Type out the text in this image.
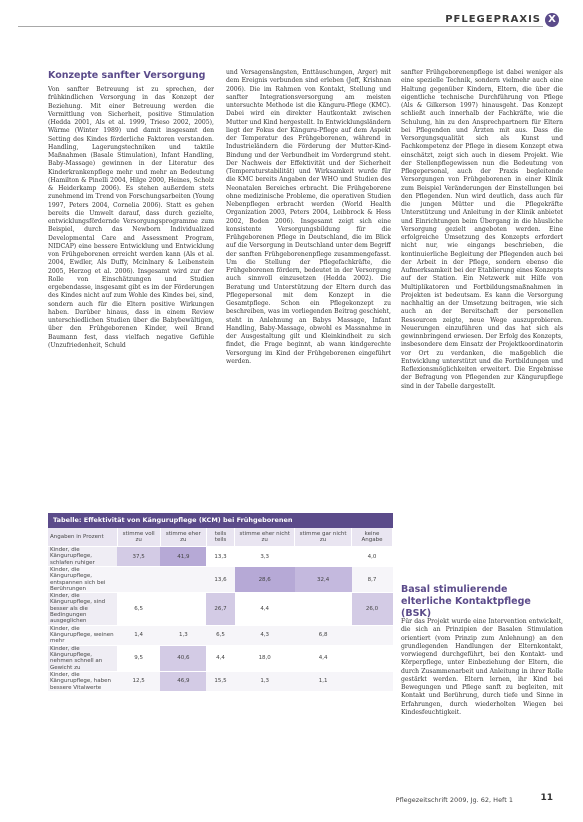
PFLEGEPRAXIS X
Konzepte sanfter Versorgung

Von sanfter Betreuung ist zu sprechen, der frühkindlichen Versorgung in das Konzept der Beziehung. Mit einer Betreuung werden die Vermittlung von Sicherheit, positive Stimulation (Hedda 2001, Als et al. 1999, Trieso 2002, 2005), Wärme (Winter 1989) und damit insgesamt den Setting des Kindes förderliche Faktoren verstanden. Handling, Lagerungstechniken und taktile Maßnahmen (Basale Stimulation), Infant Handling, Baby-Massage) gewinnen in der Literatur des Kinderkrankenpflege mehr und mehr an Bedeutung (Hamilton & Pinelli 2004, Hilge 2000, Heines, Scholz & Heiderkamp 2006). Es stehen außerdem stets zunehmend im Trend von Forschungsarbeiten (Young 1997, Peters 2004, Cornelia 2006). Statt es gehen bereits die Umwelt darauf, dass durch gezielte, entwicklungsfördernde Versorgungsprogramme zum Beispiel, durch das Newborn Individualized Developmental Care and Assessment Program, NIDCAP) eine bessere Entwicklung und Entwicklung von Frühgeborenen erreicht werden kann (Als et al. 2004, Ewdler, Als Duffy, Mcinlnary & Leibenstein 2005, Herzog et al. 2006). Insgesamt wird zur der Rolle von Einschätzungen und Studien ergebendasse, insgesamt gibt es im der Förderungen des Kindes nicht auf zum Wohle des Kindes bei, sind, sondern auch für die Eltern positive Wirkungen haben. Darüber hinaus, dass in einem Review unterschiedlichen Studien über die Babybewältigen, über den Frühgeborenen Kinder, weil Brand Baumann fest, dass vielfach negative Gefühle (Unzufriedenheit, Schuld

und Versagensängsten, Enttäuschungen, Ärger) mit dem Ereignis verbunden sind erleben (Jeff, Krishnan 2006). Die im Rahmen von Kontakt, Stellung und sanfter Integrationsversorgung am meisten untersuchte Methode ist die Känguru-Pflege (KMC). Dabei wird ein direkter Hautkontakt zwischen Mutter und Kind hergestellt. In Entwicklungsländern liegt der Fokus der Känguru-Pflege auf dem Aspekt der Temperatur des Frühgeborenen, während in Industrieländern die Förderung der Mutter-Kind-Bindung und der Verbundheit im Vordergrund steht. Der Nachweis der Effektivität und der Sicherheit (Temperaturstabilität) und Wirksamkeit wurde für die KMC bereits Angaben der WHO und Studien des Neonatalen Bereiches erbracht. Die Frühgeborene ohne medizinische Probleme, die operativen Studien Nebenpflegen erbracht werden (World Health Organization 2003, Peters 2004, Leibbrock & Hess 2002, Boden 2006). Insgesamt zeigt sich eine konsistente Versorgungsbildung für die Frühgeborenen Pflege in Deutschland, die im Blick auf die Versorgung in Deutschland unter dem Begriff der sanften Frühgeborenenpflege zusammengefasst. Um die Stellung der Pflegefachkräfte, die Frühgeborenen fördern, bedeutet in der Versorgung auch sinnvoll einzusetzen (Hedda 2002). Die Beratung und Unterstützung der Eltern durch das Pflegepersonal mit dem Konzept in die Gesamtpflege. Schon ein Pflegekonzept zu beschreiben, was im vorliegenden Beitrag geschieht, steht in Anlehnung an Babys Massage, Infant Handling, Baby-Massage, obwohl es Massnahme in der Ausgestaltung gilt und Kleinkindheit zu sich findet, die Frage beginnt, ab wann kindgerechte Versorgung im Kind der Frühgeborenen eingeführt werden.

sanfter Frühgeborenenpflege ist dabei weniger als eine spezielle Technik, sondern vielmehr auch eine Haltung gegenüber Kindern, Eltern, die über die eigentliche technische Durchführung von Pflege (Als & Gilkerson 1997) hinausgeht. Das Konzept schließt auch innerhalb der Fachkräfte, wie die Schulung, hin zu den Ansprechpartnern für Eltern bei Pflegenden und Ärzten mit aus. Dass die Versorgungsqualität sich als Kunst und Fachkompetenz der Pflege in diesem Konzept etwa einschätzt, zeigt sich auch in diesem Projekt. Wie der Stellenpflegewissen nun die Bedeutung von Pflegepersonal, auch der Praxis begleitende Versorgungen von Frühgeborenen in einer Klinik zum Beispiel Veränderungen der Einstellungen bei den Pflegenden. Nun wird deutlich, dass auch für die jungen Mütter und die Pflegekräfte Unterstützung und Anleitung in der Klinik anbietet und Einrichtungen beim Übergang in die häusliche Versorgung gezielt angeboten werden. Eine erfolgreiche Umsetzung des Konzepts erfordert nicht nur, wie eingangs beschrieben, die kontinuierliche Begleitung der Pflegenden auch bei der Arbeit in der Pflege, sondern ebenso die Aufmerksamkeit bei der Etablierung eines Konzepts auf der Station. Ein Netzwerk mit Hilfe von Multiplikatoren und Fortbildungsmaßnahmen in Projekten ist bedeutsam. Es kann die Versorgung nachhaltig an der Umsetzung beitragen, wie sich auch an der Bereitschaft der personellen Ressourcen zeigte, neue Wege auszuprobieren. Neuerungen einzuführen und das hat sich als gewinnbringend erwiesen. Der Erfolg des Konzepts, insbesondere dem Einsatz der Projektkoordinatorin vor Ort zu verdanken, die maßgeblich die Entwicklung unterstützt und die Fortbildungen und Reflexionsmöglichkeiten erweitert. Die Ergebnisse der Befragung von Pflegenden zur Kängurupflege sind in der Tabelle dargestellt.

Basal stimulierende elterliche Kontaktpflege (BSK)

Für das Projekt wurde eine Intervention entwickelt, die sich an Prinzipien der Basalen Stimulation orientiert (vom Prinzip zum Anlehnung) an den grundlegenden Handlungen der Elternkontakt, vorwiegend durchgeführt, bei den Kontakt- und Körperpflege, unter Einbeziehung der Eltern, die durch Zusammenarbeit und Anleitung in ihrer Rolle gestärkt werden. Eltern lernen, ihr Kind bei Bewegungen und Pflege sanft zu begleiten, mit Kontakt und Berührung, durch tiefe und Sinne in Erfahrungen, durch wiederholten Wiegen bei Kindesfeuchtigkeit.

Tabelle: Effektivität von Kängurupflege (KCM) bei Frühgeborenen
Angaben in Prozent	stimme voll zu	stimme eher zu	teils teils	stimme eher nicht zu	stimme gar nicht zu	keine Angabe
Kinder, die Kängurupflege, schlafen ruhiger	37,5	41,9	13,3	3,3		4,0
Kinder, die Kängurupflege, entspannen sich bei Berührungen			13,6	28,6	32,4	8,7
Kinder, die Kängurupflege, sind besser als die Bedingungen ausgeglichen	6,5		26,7	4,4		26,0
Kinder, die Kängurupflege, weinen mehr	1,4	1,3	6,5	4,3	6,8	
Kinder, die Kängurupflege, nehmen schnell an Gewicht zu	9,5	40,6	4,4	18,0	4,4	
Kinder, die Kängurupflege, haben bessere Vitalwerte	12,5	46,9	15,5	1,3	1,1	
Pflegezeitschrift 2009, Jg. 62, Heft 1	11
